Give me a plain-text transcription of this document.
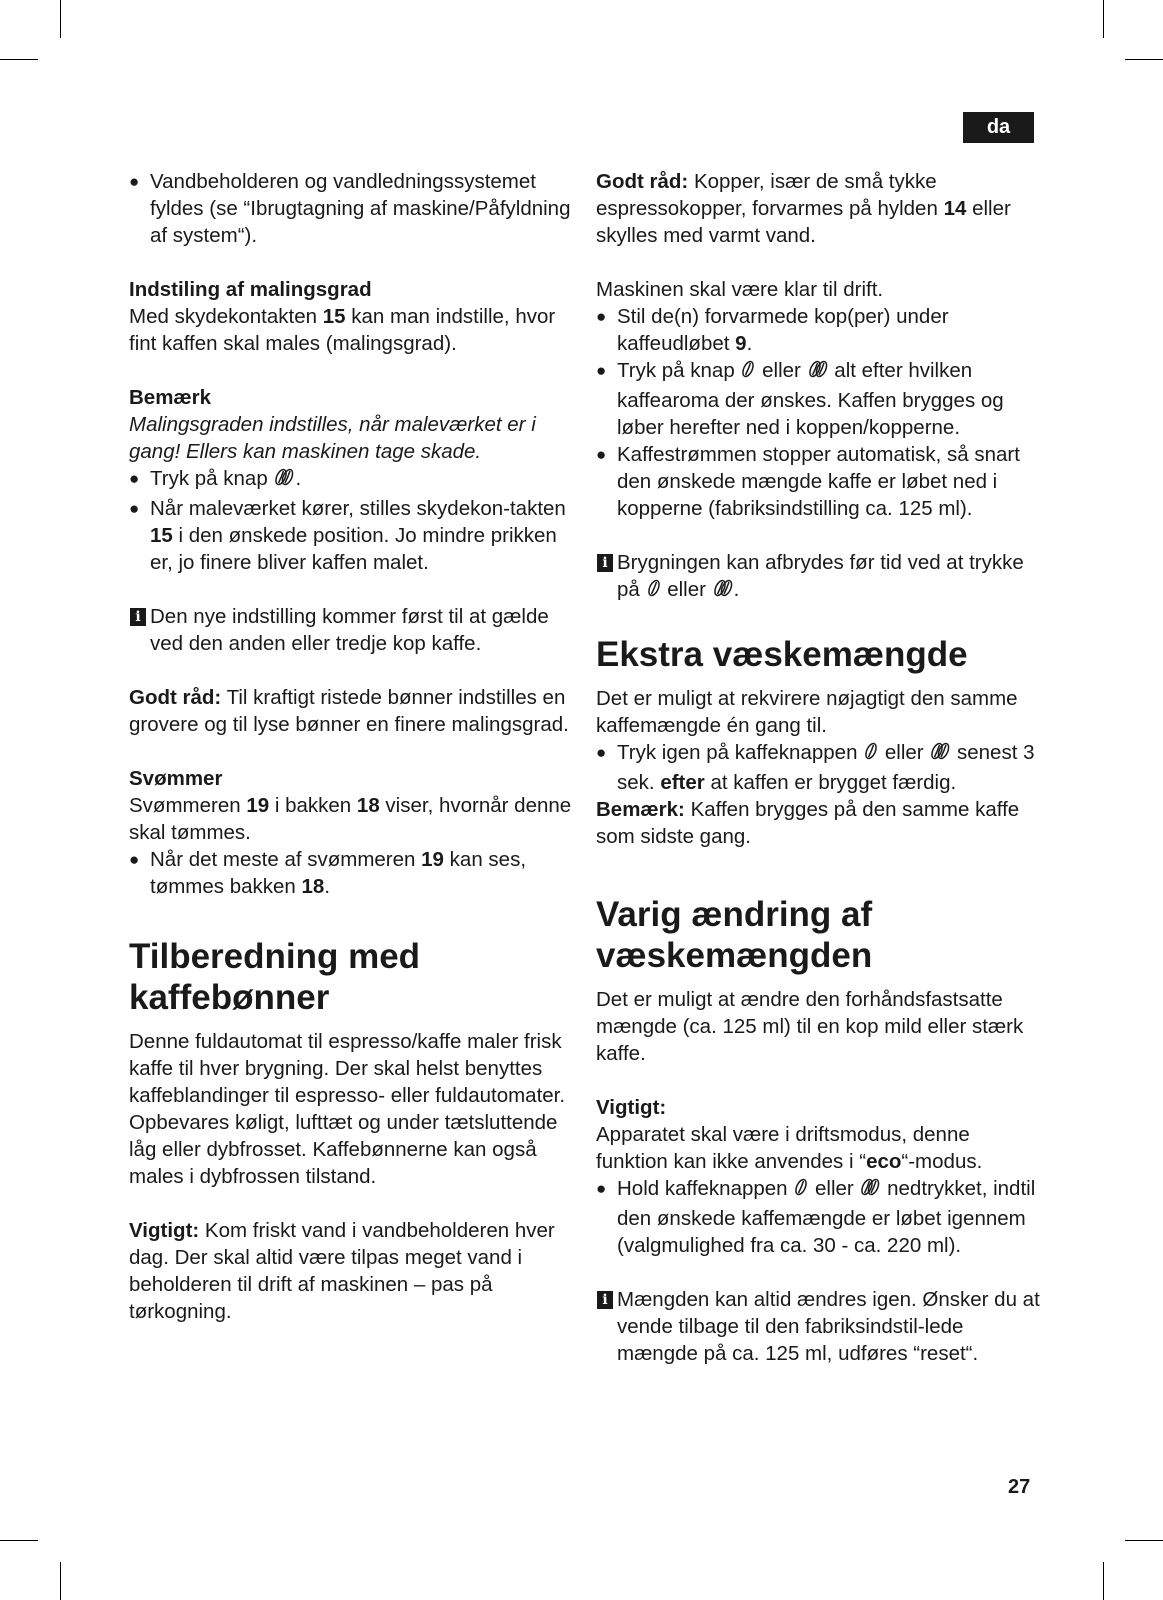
da

● Vandbeholderen og vandledningssystemet fyldes (se “Ibrugtagning af maskine/Påfyldning af system“).

Indstiling af malingsgrad

Med skydekontakten 15 kan man indstille, hvor fint kaffen skal males (malingsgrad).

Bemærk

Malingsgraden indstilles, når maleværket er i gang! Ellers kan maskinen tage skade.

● Tryk på knap .

● Når maleværket kører, stilles skydekon-takten 15 i den ønskede position. Jo mindre prikken er, jo finere bliver kaffen malet.

i Den nye indstilling kommer først til at gælde ved den anden eller tredje kop kaffe.

Godt råd: Til kraftigt ristede bønner indstilles en grovere og til lyse bønner en finere malingsgrad.

Svømmer

Svømmeren 19 i bakken 18 viser, hvornår denne skal tømmes.

● Når det meste af svømmeren 19 kan ses, tømmes bakken 18.

Tilberedning med
kaffebønner

Denne fuldautomat til espresso/kaffe maler frisk kaffe til hver brygning. Der skal helst benyttes kaffeblandinger til espresso- eller fuldautomater. Opbevares køligt, lufttæt og under tætsluttende låg eller dybfrosset. Kaffebønnerne kan også males i dybfrossen tilstand.

Vigtigt: Kom friskt vand i vandbeholderen hver dag. Der skal altid være tilpas meget vand i beholderen til drift af maskinen – pas på tørkogning.

Godt råd: Kopper, især de små tykke espressokopper, forvarmes på hylden 14 eller skylles med varmt vand.

Maskinen skal være klar til drift.

● Stil de(n) forvarmede kop(per) under kaffeudløbet 9.

● Tryk på knap  eller  alt efter hvilken kaffearoma der ønskes. Kaffen brygges og løber herefter ned i koppen/kopperne.

● Kaffestrømmen stopper automatisk, så snart den ønskede mængde kaffe er løbet ned i kopperne (fabriksindstilling ca. 125 ml).

i Brygningen kan afbrydes før tid ved at trykke på  eller .

Ekstra væskemængde

Det er muligt at rekvirere nøjagtigt den samme kaffemængde én gang til.

● Tryk igen på kaffeknappen  eller  senest 3 sek. efter at kaffen er brygget færdig.

Bemærk: Kaffen brygges på den samme kaffe som sidste gang.

Varig ændring af
væskemængden

Det er muligt at ændre den forhåndsfastsatte mængde (ca. 125 ml) til en kop mild eller stærk kaffe.

Vigtigt:

Apparatet skal være i driftsmodus, denne funktion kan ikke anvendes i “eco“-modus.

● Hold kaffeknappen  eller  nedtrykket, indtil den ønskede kaffemængde er løbet igennem (valgmulighed fra ca. 30 - ca. 220 ml).

i Mængden kan altid ændres igen. Ønsker du at vende tilbage til den fabriksindstil-lede mængde på ca. 125 ml, udføres “reset“.

27
